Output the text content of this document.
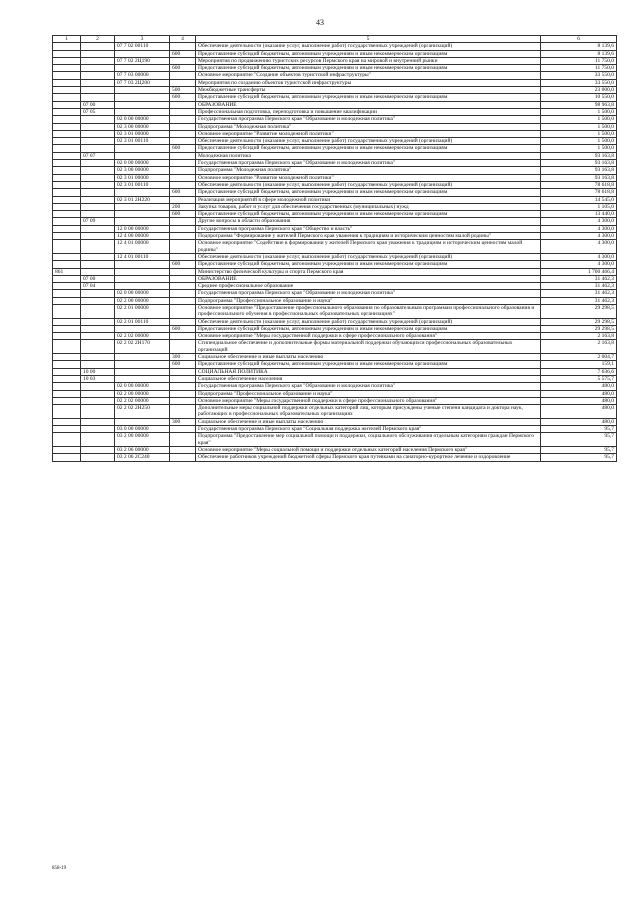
43
1	2	3	4	5	6
		07 7 02 00110		Обеспечение деятельности (оказание услуг, выполнение работ) государственных учреждений (организаций)	8 139,6
			600	Предоставление субсидий бюджетным, автономным учреждениям и иным некоммерческим организациям	8 139,6
		07 7 02 2Ц190		Мероприятия по продвижению туристских ресурсов Пермского края на мировой и внутренний рынки	11 750,0
			600	Предоставление субсидий бюджетным, автономным учреждениям и иным некоммерческим организациям	11 750,0
		07 7 03 00000		Основное мероприятие "Создание объектов туристской инфраструктуры"	33 550,0
		07 7 03 2Ц200		Мероприятия по созданию объектов туристской инфраструктуры	33 550,0
			500	Межбюджетные трансферты	23 000,0
			600	Предоставление субсидий бюджетным, автономным учреждениям и иным некоммерческим организациям	10 550,0
	07 00			ОБРАЗОВАНИЕ	98 963,8
	07 05			Профессиональная подготовка, переподготовка и повышение квалификации	1 500,0
		02 0 00 00000		Государственная программа Пермского края "Образование и молодежная политика"	1 500,0
		02 3 00 00000		Подпрограмма "Молодежная политика"	1 500,0
		02 3 01 00000		Основное мероприятие "Развитие молодежной политики"	1 500,0
		02 3 01 00110		Обеспечение деятельности (оказание услуг, выполнение работ) государственных учреждений (организаций)	1 500,0
			600	Предоставление субсидий бюджетным, автономным учреждениям и иным некоммерческим организациям	1 500,0
	07 07			Молодежная политика	93 163,8
		02 0 00 00000		Государственная программа Пермского края "Образование и молодежная политика"	93 163,8
		02 3 00 00000		Подпрограмма "Молодежная политика"	93 163,8
		02 3 01 00000		Основное мероприятие "Развитие молодежной политики"	93 163,8
		02 3 01 00110		Обеспечение деятельности (оказание услуг, выполнение работ) государственных учреждений (организаций)	78 618,8
			600	Предоставление субсидий бюджетным, автономным учреждениям и иным некоммерческим организациям	78 618,8
		02 3 01 2Н220		Реализация мероприятий в сфере молодежной политики	14 545,0
			200	Закупка товаров, работ и услуг для обеспечения государственных (муниципальных) нужд	1 105,0
			600	Предоставление субсидий бюджетным, автономным учреждениям и иным некоммерческим организациям	13 440,0
	07 09			Другие вопросы в области образования	4 300,0
		12 0 00 00000		Государственная программа Пермского края "Общество и власть"	4 300,0
		12 4 00 00000		Подпрограмма "Формирование у жителей Пермского края уважения к традициям и историческим ценностям малой родины"	4 300,0
		12 4 01 00000		Основное мероприятие "Содействие в формировании у жителей Пермского края уважения к традициям и историческим ценностям малой родины"	4 300,0
		12 4 01 00110		Обеспечение деятельности (оказание услуг, выполнение работ) государственных учреждений (организаций)	4 300,0
			600	Предоставление субсидий бюджетным, автономным учреждениям и иным некоммерческим организациям	4 300,0
861				Министерство физической культуры и спорта Пермского края	1 700 466,4
	07 00			ОБРАЗОВАНИЕ	31 462,3
	07 04			Среднее профессиональное образование	31 462,3
		02 0 00 00000		Государственная программа Пермского края "Образование и молодежная политика"	31 462,3
		02 2 00 00000		Подпрограмма "Профессиональное образование и наука"	31 462,3
		02 2 01 00000		Основное мероприятие "Предоставление профессионального образования по образовательным программам профессионального образования и профессионального обучения в профессиональных образовательных организациях"	29 298,5
		02 2 01 00110		Обеспечение деятельности (оказание услуг, выполнение работ) государственных учреждений (организаций)	29 298,5
			600	Предоставление субсидий бюджетным, автономным учреждениям и иным некоммерческим организациям	29 298,5
		02 2 02 00000		Основное мероприятие "Меры государственной поддержки в сфере профессионального образования"	2 163,8
		02 2 02 2Н170		Стипендиальное обеспечение и дополнительные формы материальной поддержки обучающихся профессиональных образовательных организаций	2 163,8
			300	Социальное обеспечение и иные выплаты населению	2 004,7
			600	Предоставление субсидий бюджетным, автономным учреждениям и иным некоммерческим организациям	159,1
	10 00			СОЦИАЛЬНАЯ ПОЛИТИКА	7 636,6
	10 03			Социальное обеспечение населения	5 575,7
		02 0 00 00000		Государственная программа Пермского края "Образование и молодежная политика"	480,0
		02 2 00 00000		Подпрограмма "Профессиональное образование и наука"	480,0
		02 2 02 00000		Основное мероприятие "Меры государственной поддержки в сфере профессионального образования"	480,0
		02 2 02 2Н250		Дополнительные меры социальной поддержки отдельных категорий лиц, которым присуждены ученые степени кандидата и доктора наук, работающих в профессиональных образовательных организациях	480,0
			300	Социальное обеспечение и иные выплаты населению	480,0
		03 0 00 00000		Государственная программа Пермского края "Социальная поддержка жителей Пермского края"	95,7
		03 2 00 00000		Подпрограмма "Предоставление мер социальной помощи и поддержки, социального обслуживания отдельным категориям граждан Пермского края"	95,7
		03 2 06 00000		Основное мероприятие "Меры социальной помощи и поддержки отдельных категорий населения Пермского края"	95,7
		03 2 06 2С240		Обеспечение работников учреждений бюджетной сферы Пермского края путевками на санаторно-курортное лечение и оздоровление	95,7
858-19
